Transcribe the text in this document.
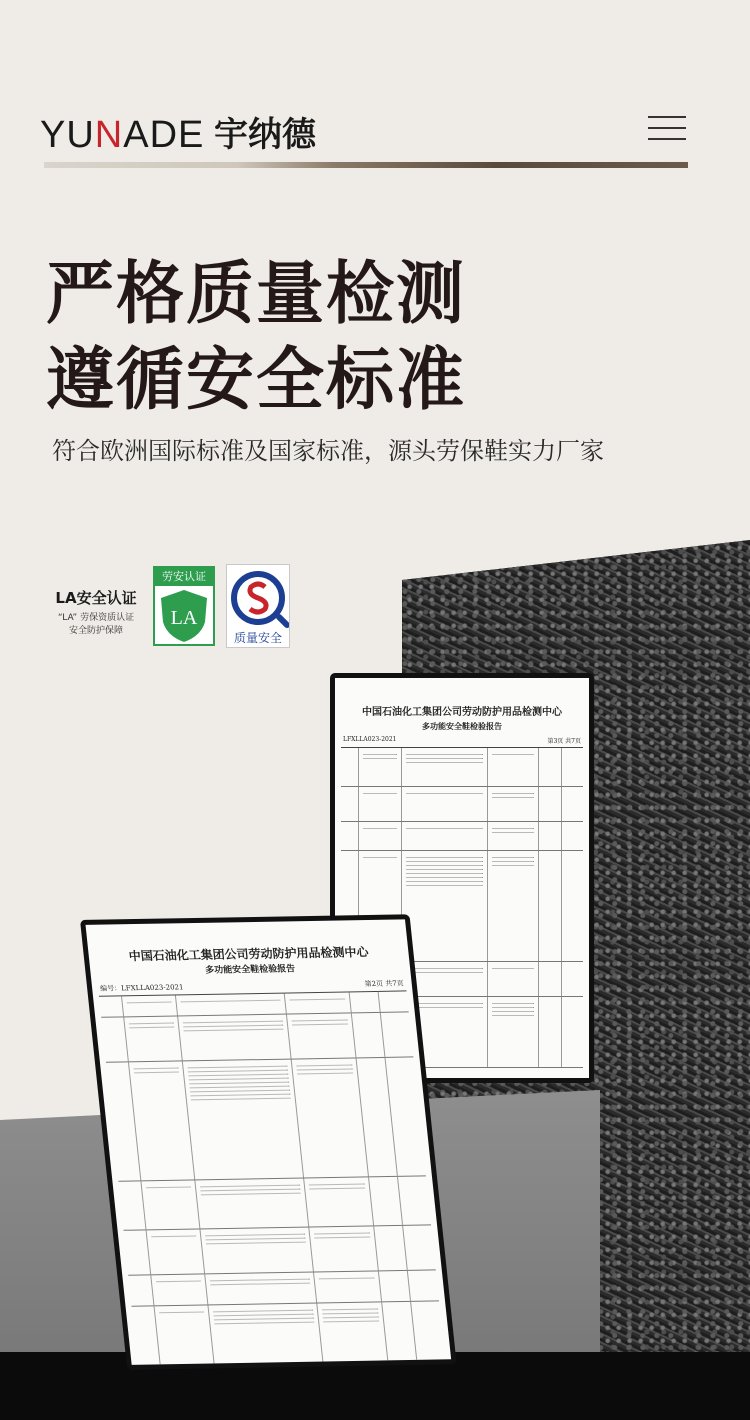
YUNADE 宇纳德
严格质量检测
遵循安全标准
符合欧洲国际标准及国家标准，源头劳保鞋实力厂家
LA安全认证
“LA” 劳保资质认证
安全防护保障
劳安认证
LA
质量安全
中国石油化工集团公司劳动防护用品检测中心
多功能安全鞋检验报告
LFXLLA023-2021	第3页 共7页
中国石油化工集团公司劳动防护用品检测中心
多功能安全鞋检验报告
编号：LFXLLA023-2021	第2页 共7页
